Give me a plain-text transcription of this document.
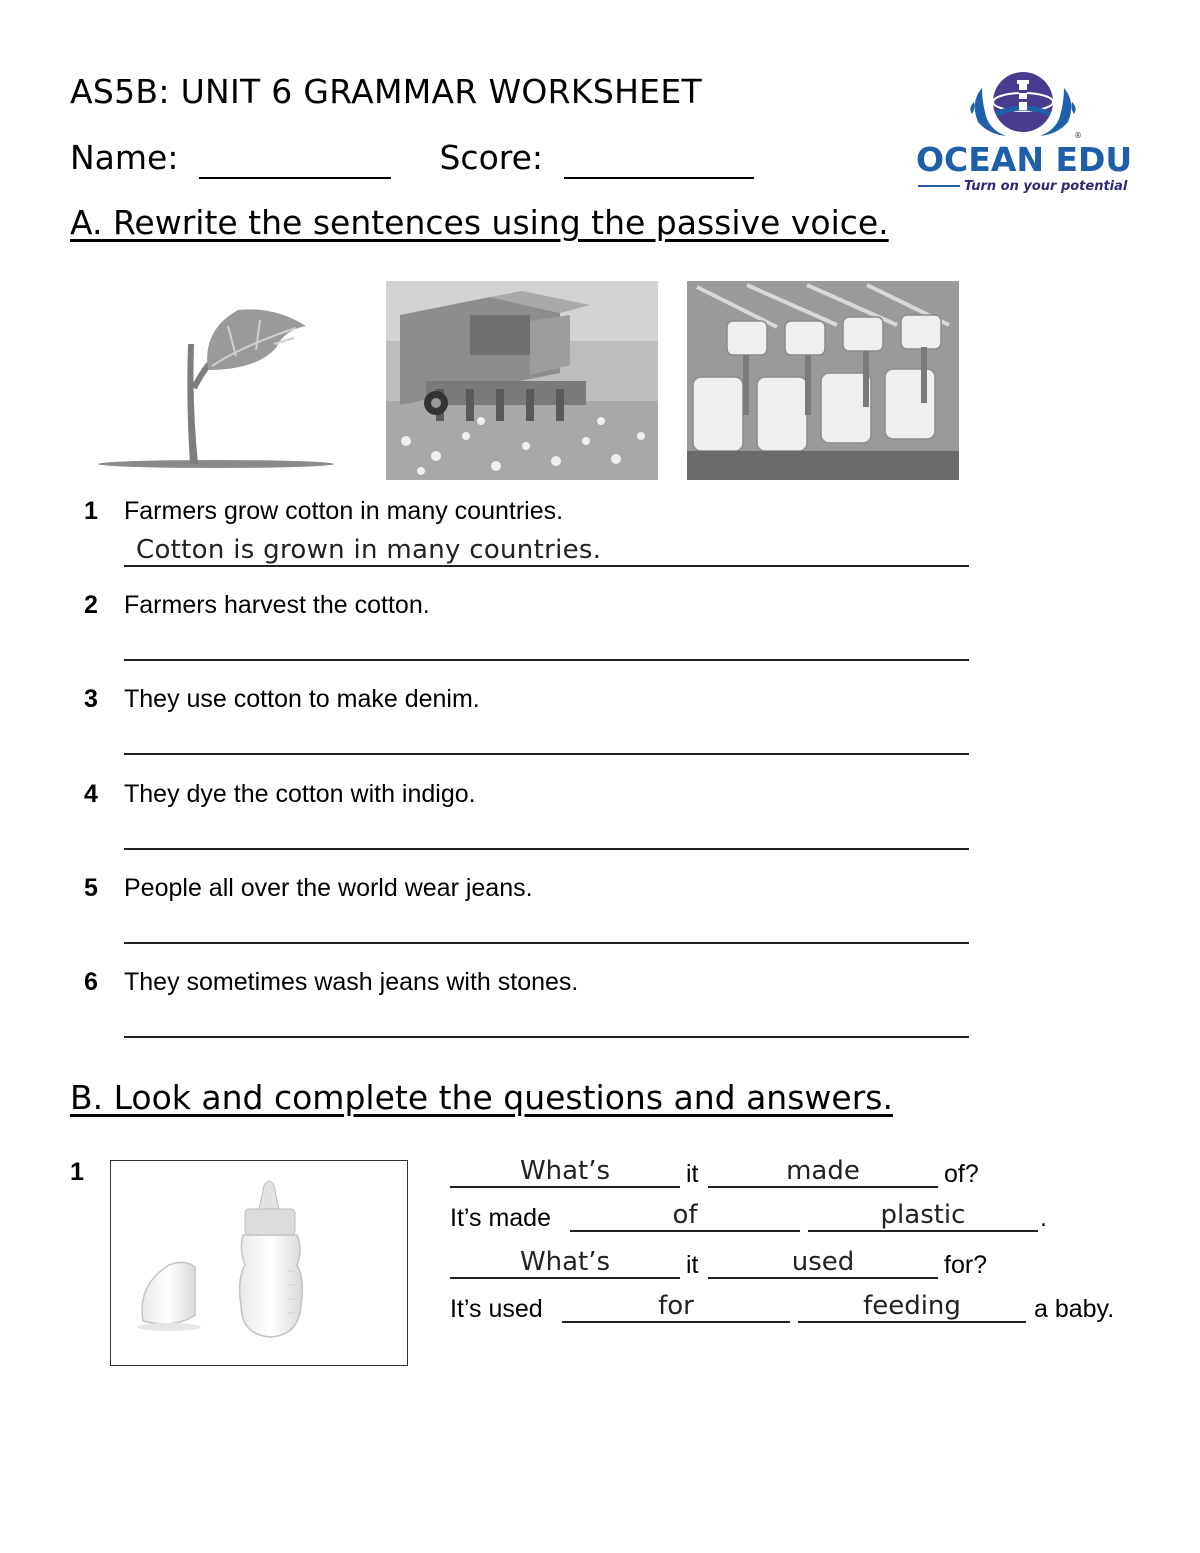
AS5B: UNIT 6 GRAMMAR WORKSHEET
Name:	Score:
®
OCEAN EDU
Turn on your potential
A. Rewrite the sentences using the passive voice.
1 Farmers grow cotton in many countries.
Cotton is grown in many countries.
2 Farmers harvest the cotton.
3 They use cotton to make denim.
4 They dye the cotton with indigo.
5 People all over the world wear jeans.
6 They sometimes wash jeans with stones.
B. Look and complete the questions and answers.
1	What’s	it	made	of?
It’s made	of	plastic	.
What’s	it	used	for?
It’s used	for	feeding	a baby.
